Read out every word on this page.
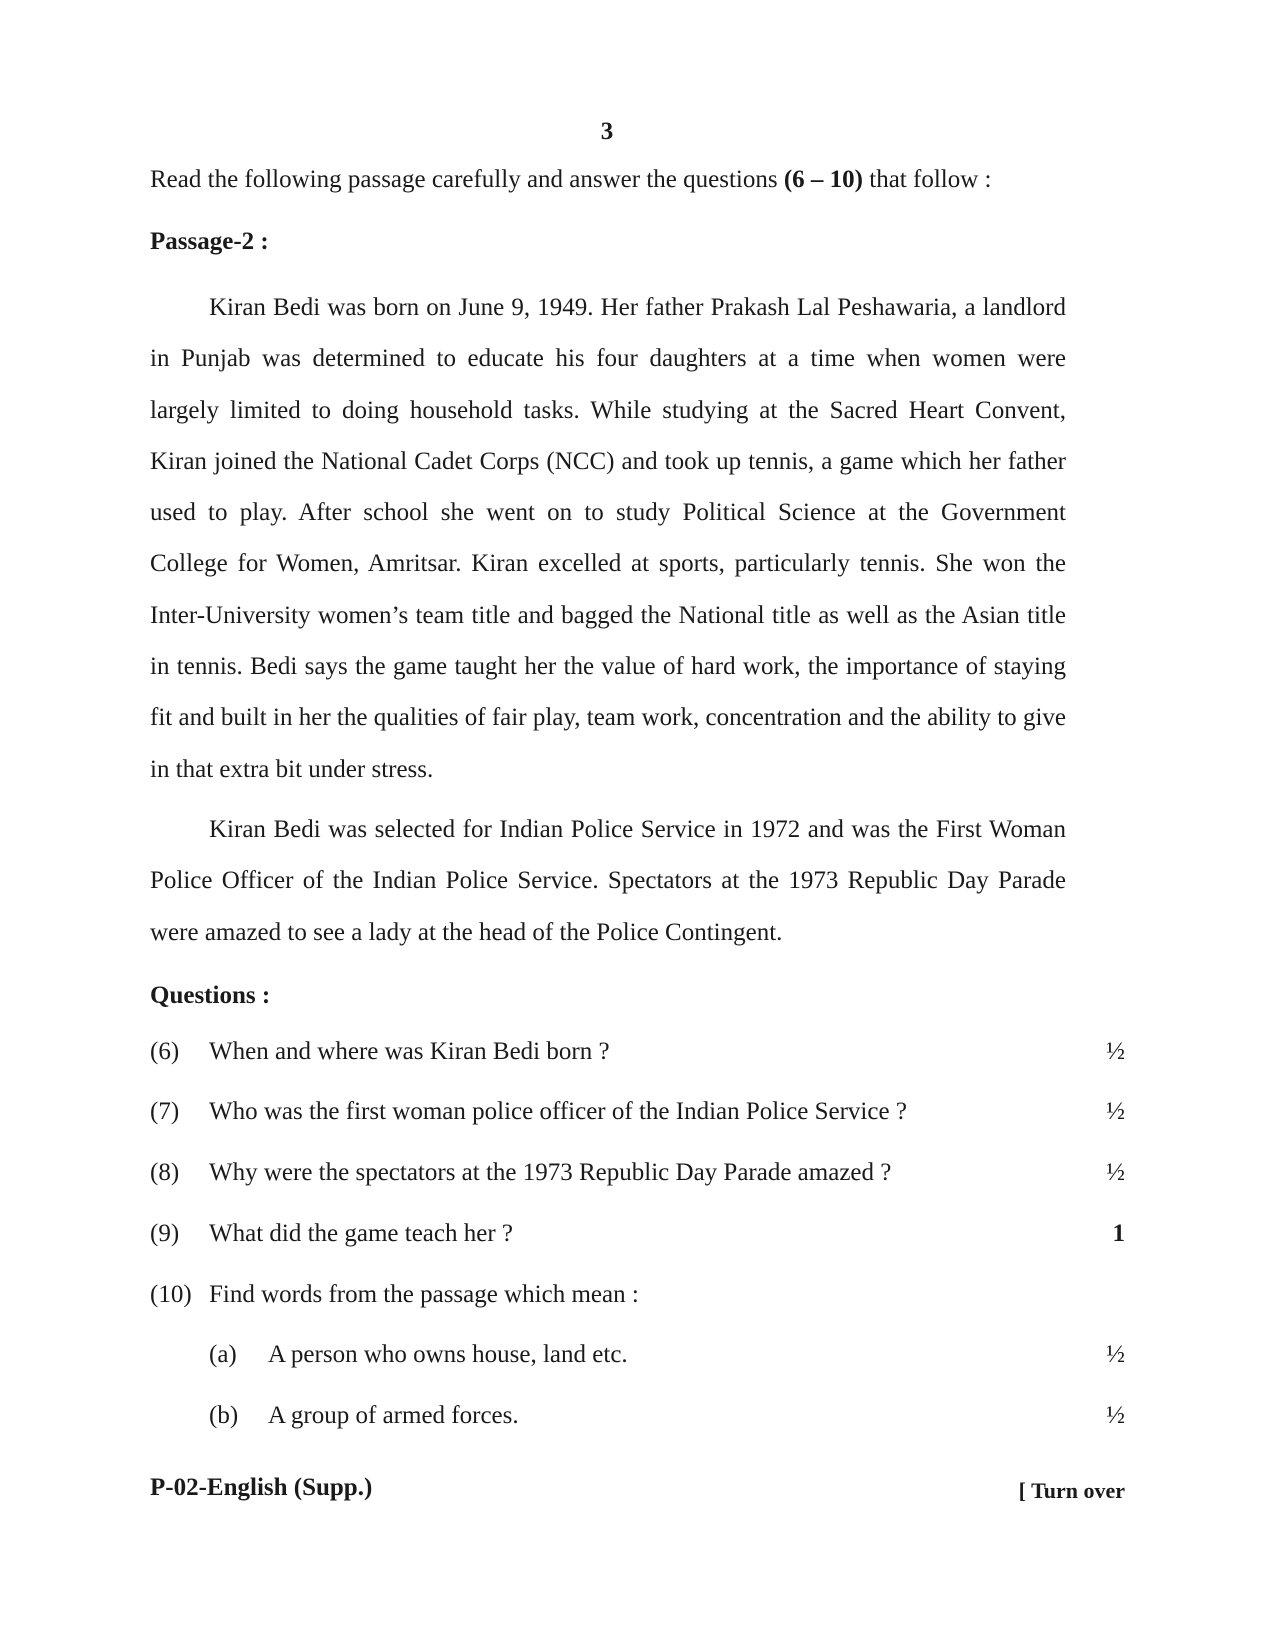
3
Read the following passage carefully and answer the questions (6 – 10) that follow :
Passage-2 :

Kiran Bedi was born on June 9, 1949. Her father Prakash Lal Peshawaria, a landlord in Punjab was determined to educate his four daughters at a time when women were largely limited to doing household tasks. While studying at the Sacred Heart Convent, Kiran joined the National Cadet Corps (NCC) and took up tennis, a game which her father used to play. After school she went on to study Political Science at the Government College for Women, Amritsar. Kiran excelled at sports, particularly tennis. She won the Inter-University women’s team title and bagged the National title as well as the Asian title in tennis. Bedi says the game taught her the value of hard work, the importance of staying fit and built in her the qualities of fair play, team work, concentration and the ability to give in that extra bit under stress.

Kiran Bedi was selected for Indian Police Service in 1972 and was the First Woman Police Officer of the Indian Police Service. Spectators at the 1973 Republic Day Parade were amazed to see a lady at the head of the Police Contingent.

Questions :
(6) When and where was Kiran Bedi born ?	½
(7) Who was the first woman police officer of the Indian Police Service ?	½
(8) Why were the spectators at the 1973 Republic Day Parade amazed ?	½
(9) What did the game teach her ?	1
(10) Find words from the passage which mean :
(a) A person who owns house, land etc.	½
(b) A group of armed forces.	½
P-02-English (Supp.)	[ Turn over
